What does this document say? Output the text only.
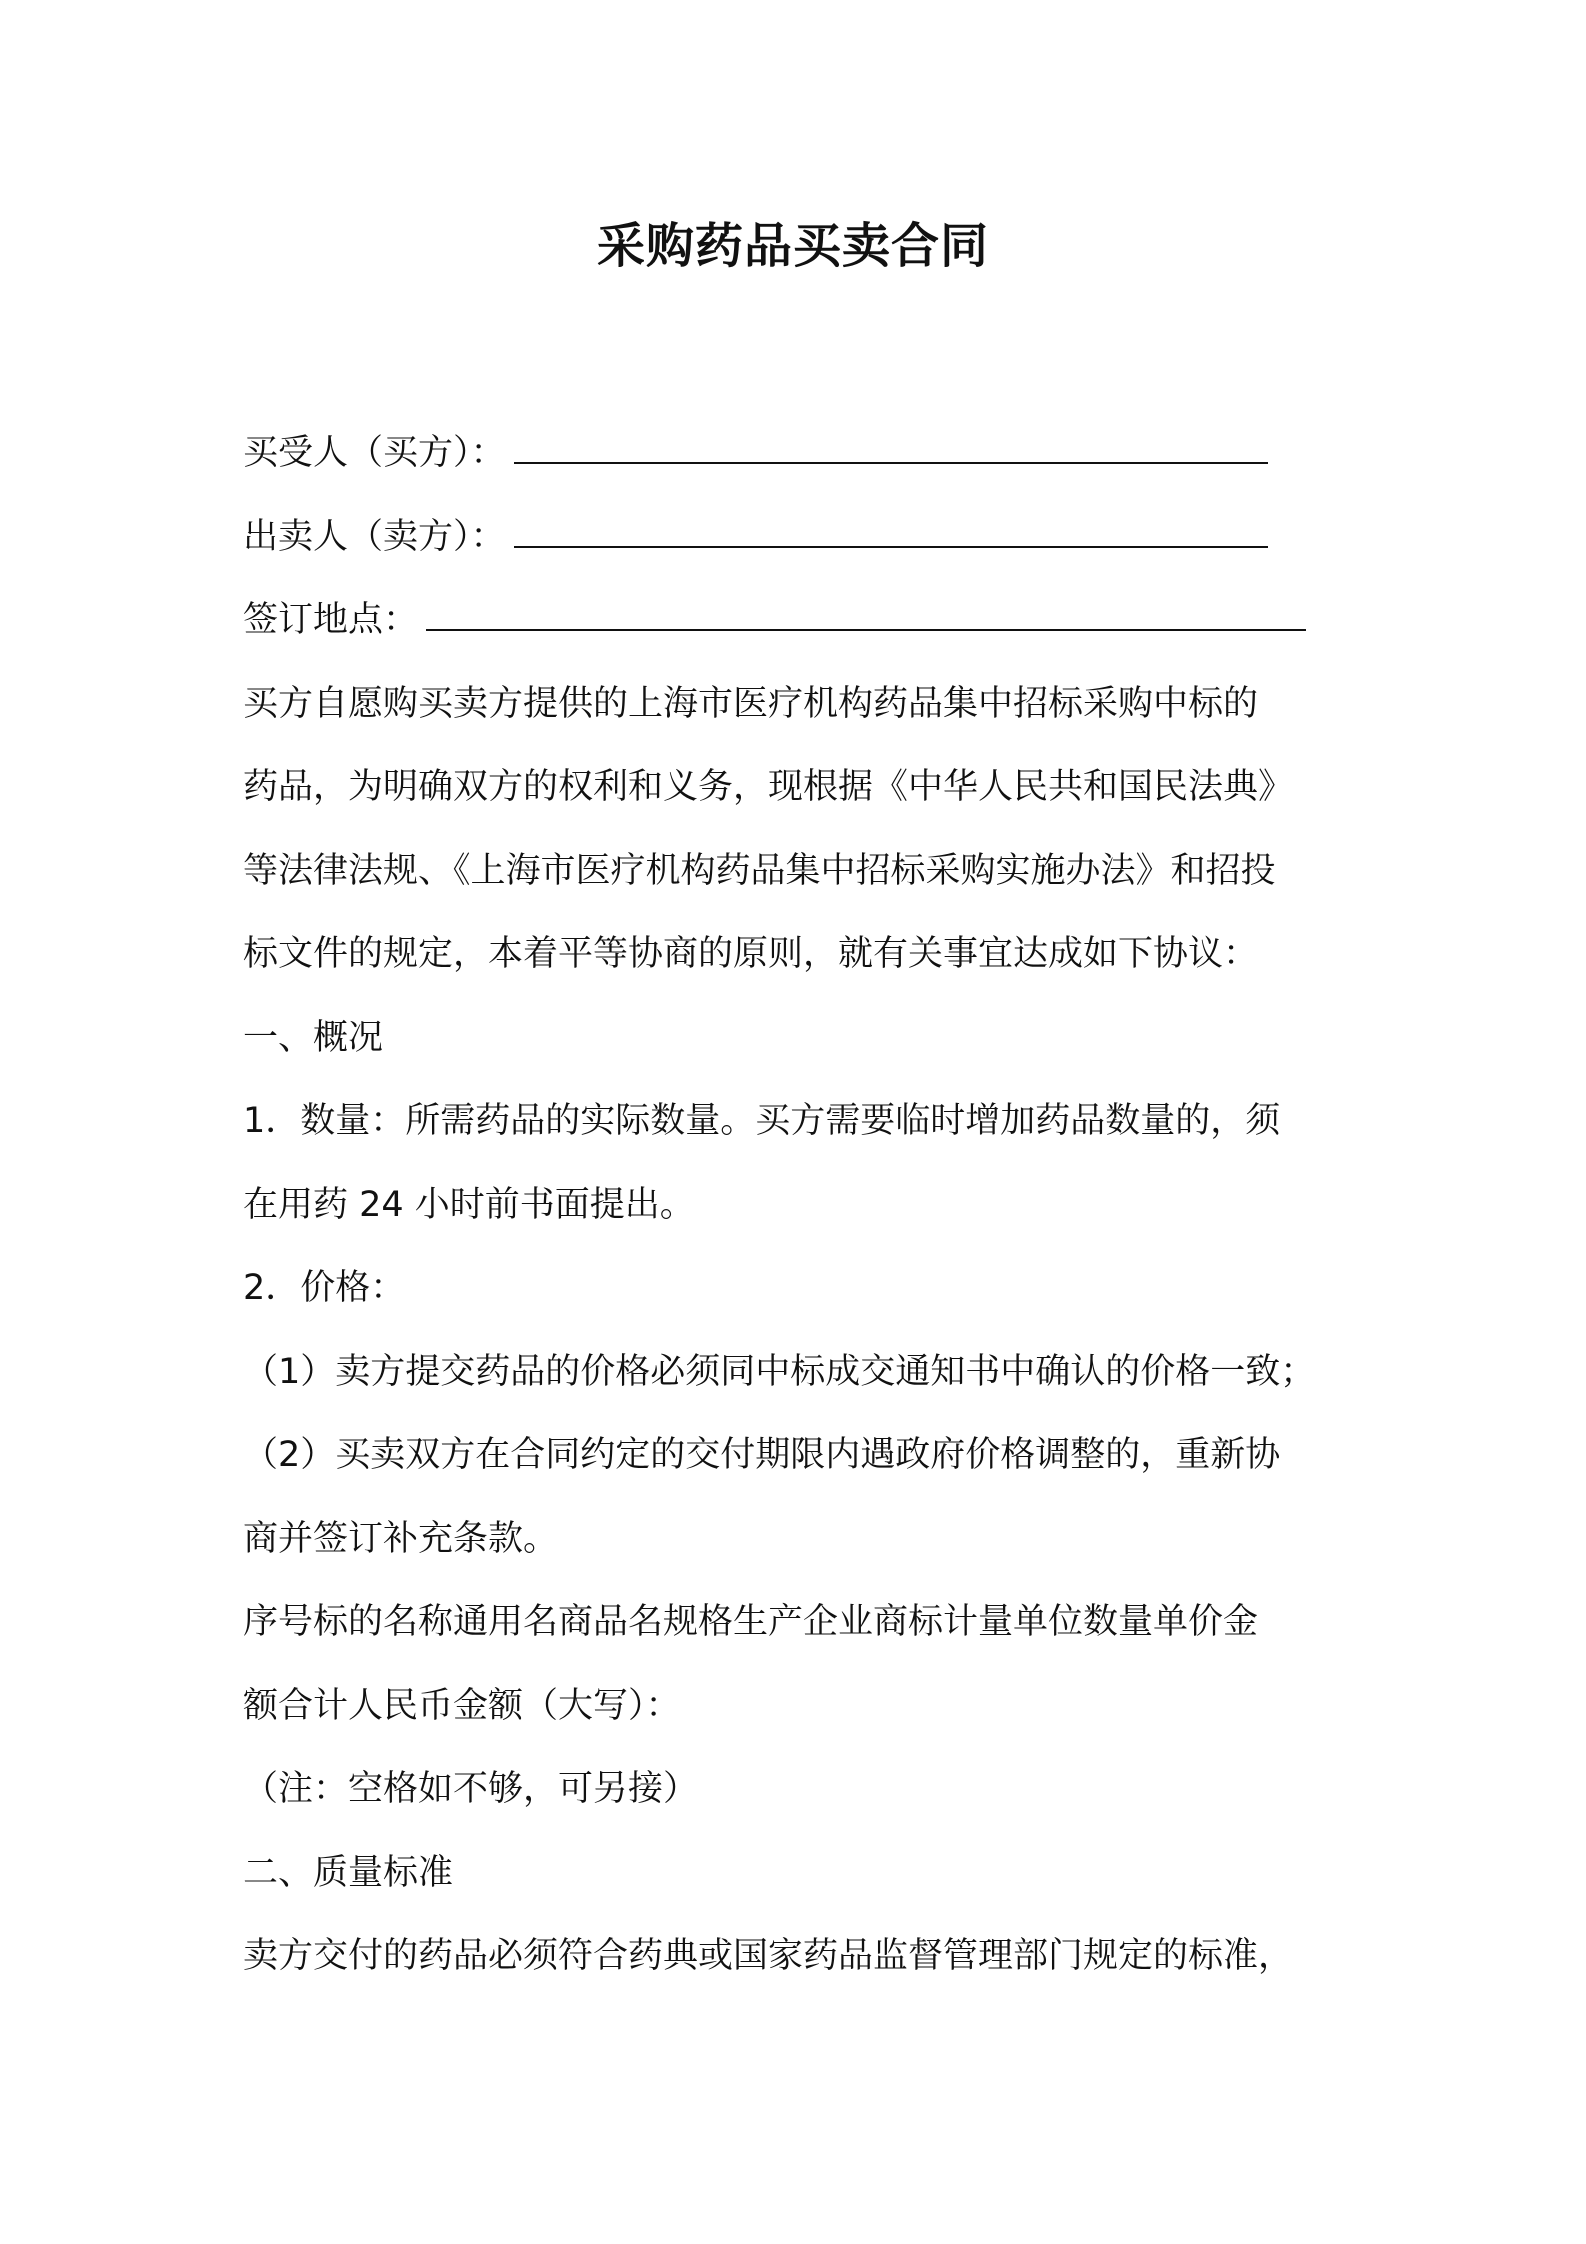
采购药品买卖合同
买受人（买方）：
出卖人（卖方）：
签订地点：
买方自愿购买卖方提供的上海市医疗机构药品集中招标采购中标的
药品，为明确双方的权利和义务，现根据《中华人民共和国民法典》
等法律法规、《上海市医疗机构药品集中招标采购实施办法》和招投
标文件的规定，本着平等协商的原则，就有关事宜达成如下协议：
一、概况
1．数量：所需药品的实际数量。买方需要临时增加药品数量的，须
在用药 24 小时前书面提出。
2．价格：
（1）卖方提交药品的价格必须同中标成交通知书中确认的价格一致；
（2）买卖双方在合同约定的交付期限内遇政府价格调整的，重新协
商并签订补充条款。
序号标的名称通用名商品名规格生产企业商标计量单位数量单价金
额合计人民币金额（大写）：
（注：空格如不够，可另接）
二、质量标准
卖方交付的药品必须符合药典或国家药品监督管理部门规定的标准，
